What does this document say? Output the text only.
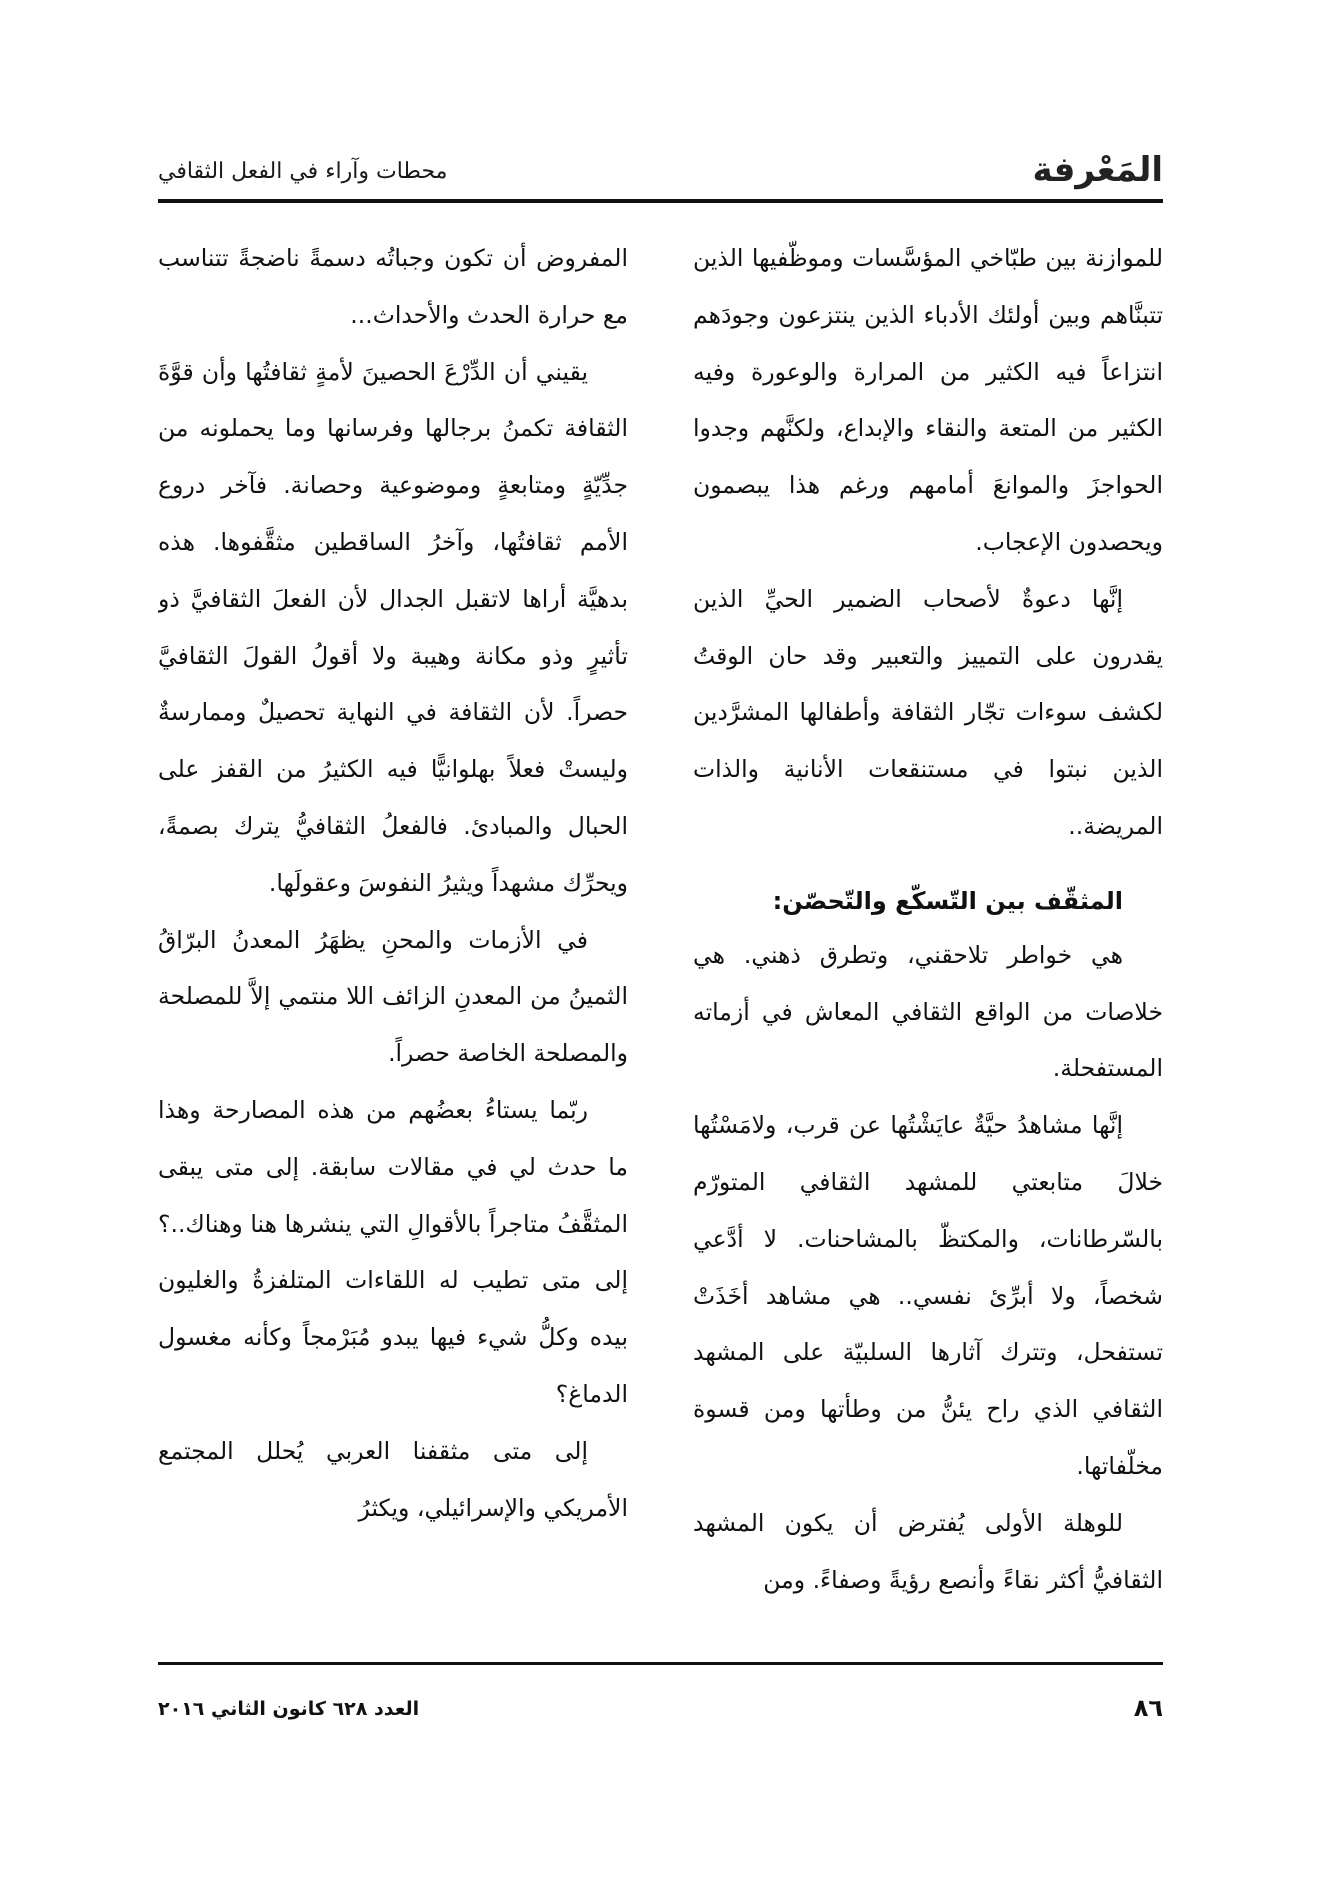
المَعْرفة
محطات وآراء في الفعل الثقافي

للموازنة بين طبّاخي المؤسَّسات وموظّفيها الذين تتبنَّاهم وبين أولئك الأدباء الذين ينتزعون وجودَهم انتزاعاً فيه الكثير من المرارة والوعورة وفيه الكثير من المتعة والنقاء والإبداع، ولكنَّهم وجدوا الحواجزَ والموانعَ أمامهم ورغم هذا يبصمون ويحصدون الإعجاب.

إنَّها دعوةٌ لأصحاب الضمير الحيِّ الذين يقدرون على التمييز والتعبير وقد حان الوقتُ لكشف سوءات تجّار الثقافة وأطفالها المشرَّدين الذين نبتوا في مستنقعات الأنانية والذات المريضة..

المثقّف بين التّسكّع والتّحصّن:

هي خواطر تلاحقني، وتطرق ذهني. هي خلاصات من الواقع الثقافي المعاش في أزماته المستفحلة.

إنَّها مشاهدُ حيَّةٌ عايَشْتُها عن قرب، ولامَسْتُها خلالَ متابعتي للمشهد الثقافي المتورّم بالسّرطانات، والمكتظّ بالمشاحنات. لا أدَّعي شخصاً، ولا أبرِّئ نفسي.. هي مشاهد أخَذَتْ تستفحل، وتترك آثارها السلبيّة على المشهد الثقافي الذي راح يئنُّ من وطأتها ومن قسوة مخلّفاتها.

للوهلة الأولى يُفترض أن يكون المشهد الثقافيُّ أكثر نقاءً وأنصع رؤيةً وصفاءً. ومن

المفروض أن تكون وجباتُه دسمةً ناضجةً تتناسب مع حرارة الحدث والأحداث...

يقيني أن الدِّرْعَ الحصينَ لأمةٍ ثقافتُها وأن قوَّةَ الثقافة تكمنُ برجالها وفرسانها وما يحملونه من جدِّيّةٍ ومتابعةٍ وموضوعية وحصانة. فآخر دروع الأمم ثقافتُها، وآخرُ الساقطين مثقَّفوها. هذه بدهيَّة أراها لاتقبل الجدال لأن الفعلَ الثقافيَّ ذو تأثيرٍ وذو مكانة وهيبة ولا أقولُ القولَ الثقافيَّ حصراً. لأن الثقافة في النهاية تحصيلٌ وممارسةٌ وليستْ فعلاً بهلوانيًّا فيه الكثيرُ من القفز على الحبال والمبادئ. فالفعلُ الثقافيُّ يترك بصمةً، ويحرِّك مشهداً ويثيرُ النفوسَ وعقولَها.

في الأزمات والمحنِ يظهَرُ المعدنُ البرّاقُ الثمينُ من المعدنِ الزائف اللا منتمي إلاَّ للمصلحة والمصلحة الخاصة حصراً.

ربّما يستاءُ بعضُهم من هذه المصارحة وهذا ما حدث لي في مقالات سابقة. إلى متى يبقى المثقَّفُ متاجراً بالأقوالِ التي ينشرها هنا وهناك..؟ إلى متى تطيب له اللقاءات المتلفزةُ والغليون بيده وكلُّ شيء فيها يبدو مُبَرْمجاً وكأنه مغسول الدماغ؟

إلى متى مثقفنا العربي يُحلل المجتمع الأمريكي والإسرائيلي، ويكثرُ

٨٦
العدد ٦٢٨ كانون الثاني ٢٠١٦
